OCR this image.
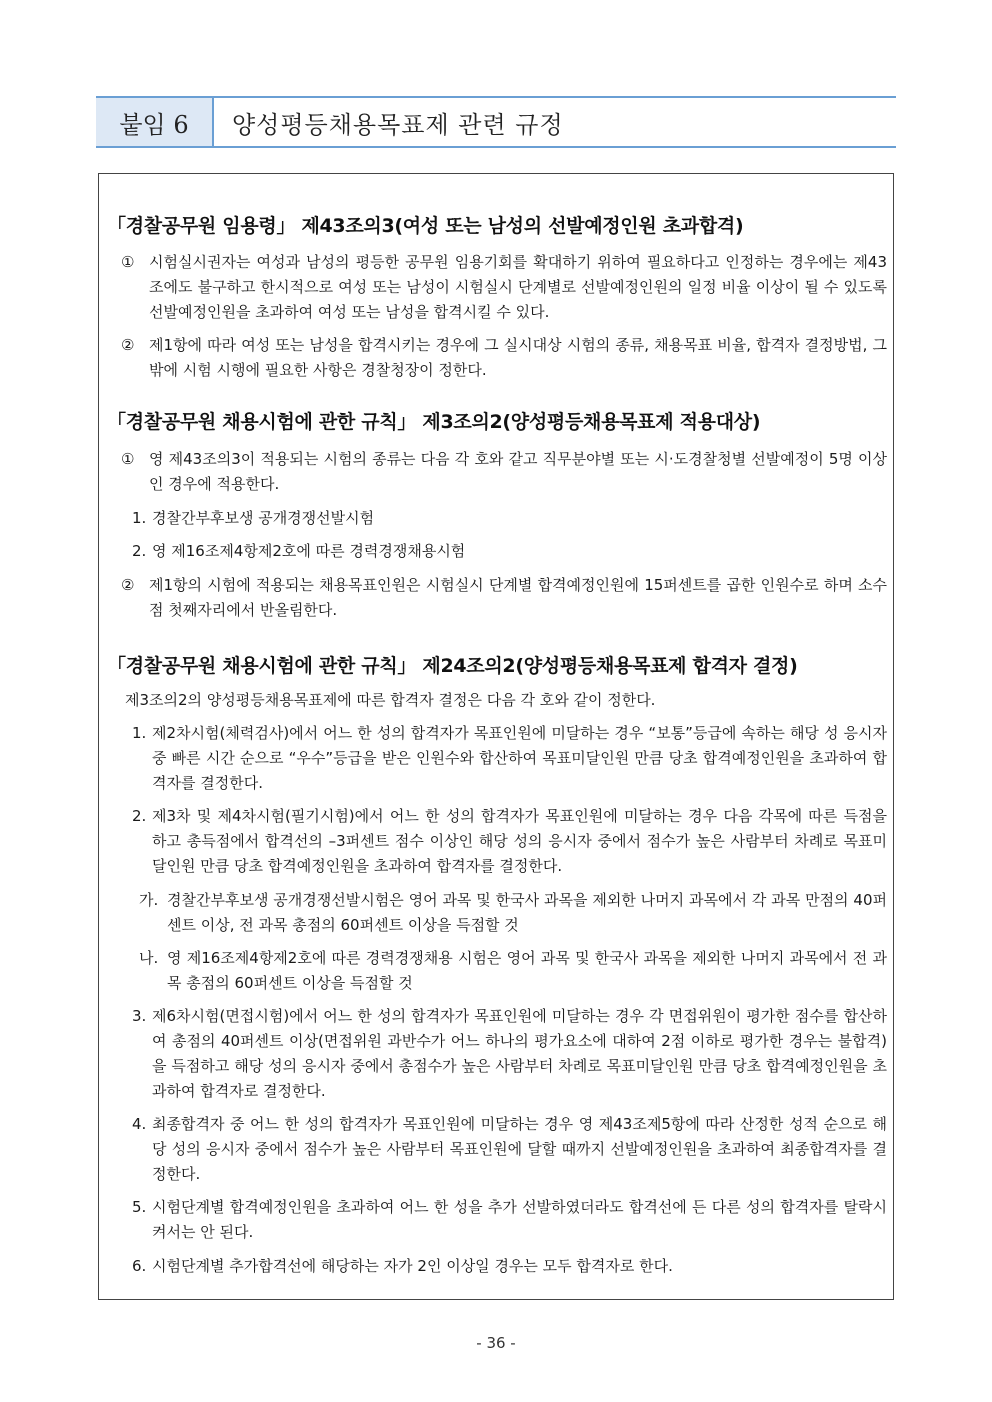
붙임 6	양성평등채용목표제 관련 규정
「경찰공무원 임용령」 제43조의3(여성 또는 남성의 선발예정인원 초과합격)
① 시험실시권자는 여성과 남성의 평등한 공무원 임용기회를 확대하기 위하여 필요하다고 인정하는 경우에는 제43조에도 불구하고 한시적으로 여성 또는 남성이 시험실시 단계별로 선발예정인원의 일정 비율 이상이 될 수 있도록 선발예정인원을 초과하여 여성 또는 남성을 합격시킬 수 있다.
② 제1항에 따라 여성 또는 남성을 합격시키는 경우에 그 실시대상 시험의 종류, 채용목표 비율, 합격자 결정방법, 그 밖에 시험 시행에 필요한 사항은 경찰청장이 정한다.
「경찰공무원 채용시험에 관한 규칙」 제3조의2(양성평등채용목표제 적용대상)
① 영 제43조의3이 적용되는 시험의 종류는 다음 각 호와 같고 직무분야별 또는 시·도경찰청별 선발예정이 5명 이상인 경우에 적용한다.
1. 경찰간부후보생 공개경쟁선발시험
2. 영 제16조제4항제2호에 따른 경력경쟁채용시험
② 제1항의 시험에 적용되는 채용목표인원은 시험실시 단계별 합격예정인원에 15퍼센트를 곱한 인원수로 하며 소수점 첫째자리에서 반올림한다.
「경찰공무원 채용시험에 관한 규칙」 제24조의2(양성평등채용목표제 합격자 결정)
제3조의2의 양성평등채용목표제에 따른 합격자 결정은 다음 각 호와 같이 정한다.
1. 제2차시험(체력검사)에서 어느 한 성의 합격자가 목표인원에 미달하는 경우 “보통”등급에 속하는 해당 성 응시자 중 빠른 시간 순으로 “우수”등급을 받은 인원수와 합산하여 목표미달인원 만큼 당초 합격예정인원을 초과하여 합격자를 결정한다.
2. 제3차 및 제4차시험(필기시험)에서 어느 한 성의 합격자가 목표인원에 미달하는 경우 다음 각목에 따른 득점을 하고 총득점에서 합격선의 –3퍼센트 점수 이상인 해당 성의 응시자 중에서 점수가 높은 사람부터 차례로 목표미달인원 만큼 당초 합격예정인원을 초과하여 합격자를 결정한다.
가. 경찰간부후보생 공개경쟁선발시험은 영어 과목 및 한국사 과목을 제외한 나머지 과목에서 각 과목 만점의 40퍼센트 이상, 전 과목 총점의 60퍼센트 이상을 득점할 것
나. 영 제16조제4항제2호에 따른 경력경쟁채용 시험은 영어 과목 및 한국사 과목을 제외한 나머지 과목에서 전 과목 총점의 60퍼센트 이상을 득점할 것
3. 제6차시험(면접시험)에서 어느 한 성의 합격자가 목표인원에 미달하는 경우 각 면접위원이 평가한 점수를 합산하여 총점의 40퍼센트 이상(면접위원 과반수가 어느 하나의 평가요소에 대하여 2점 이하로 평가한 경우는 불합격)을 득점하고 해당 성의 응시자 중에서 총점수가 높은 사람부터 차례로 목표미달인원 만큼 당초 합격예정인원을 초과하여 합격자로 결정한다.
4. 최종합격자 중 어느 한 성의 합격자가 목표인원에 미달하는 경우 영 제43조제5항에 따라 산정한 성적 순으로 해당 성의 응시자 중에서 점수가 높은 사람부터 목표인원에 달할 때까지 선발예정인원을 초과하여 최종합격자를 결정한다.
5. 시험단계별 합격예정인원을 초과하여 어느 한 성을 추가 선발하였더라도 합격선에 든 다른 성의 합격자를 탈락시켜서는 안 된다.
6. 시험단계별 추가합격선에 해당하는 자가 2인 이상일 경우는 모두 합격자로 한다.
- 36 -
